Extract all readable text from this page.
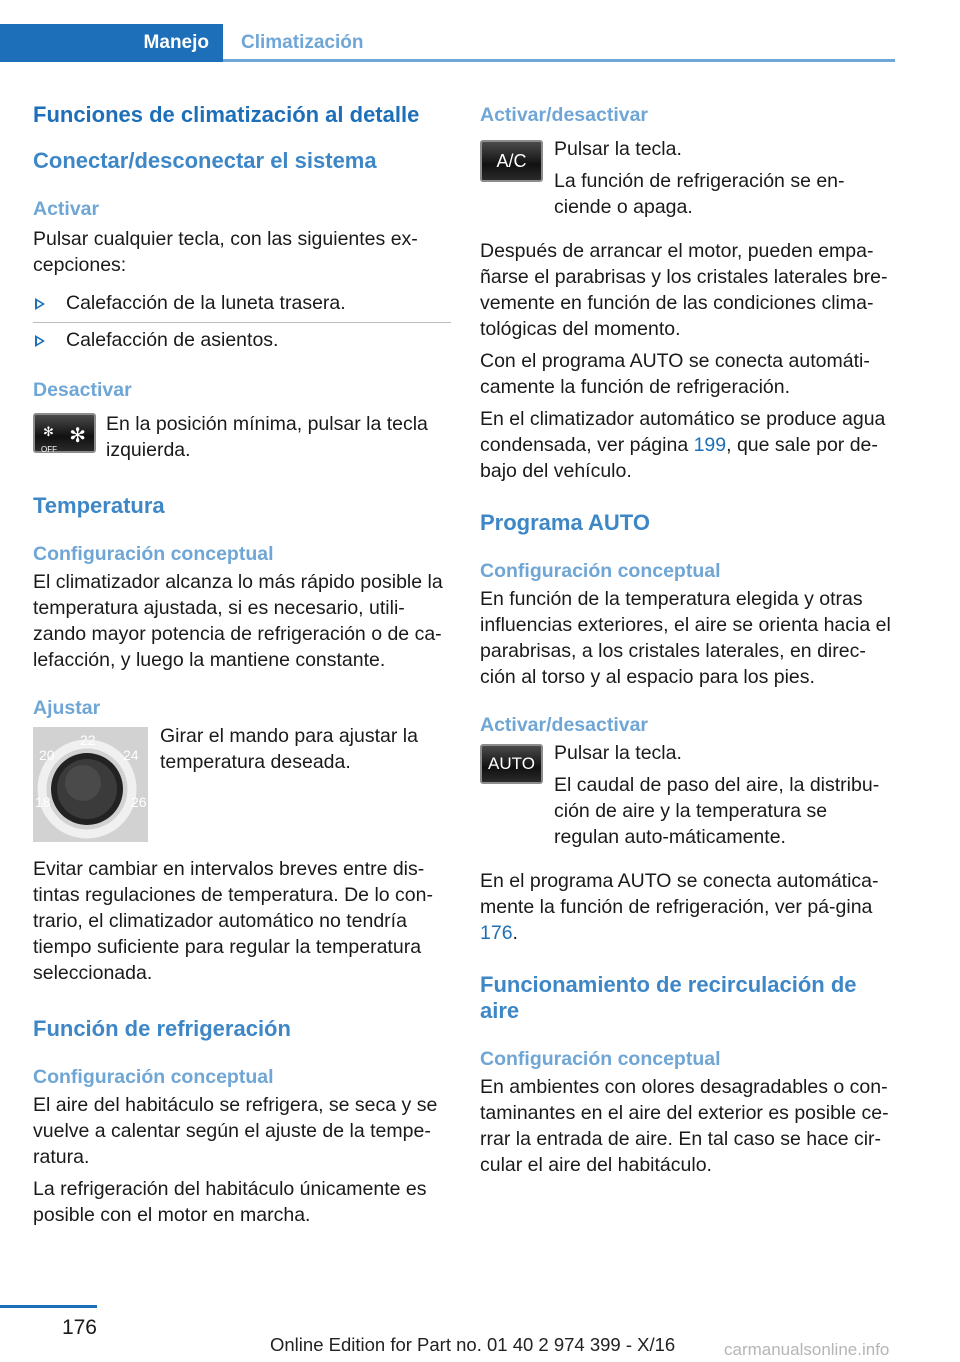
Manejo	Climatización
Funciones de climatización al detalle
Conectar/desconectar el sistema
Activar

Pulsar cualquier tecla, con las siguientes ex‐cepciones:

Calefacción de la luneta trasera.
Calefacción de asientos.
Desactivar
✻
OFF
✻

En la posición mínima, pulsar la tecla izquierda.

Temperatura
Configuración conceptual

El climatizador alcanza lo más rápido posible la temperatura ajustada, si es necesario, utili‐zando mayor potencia de refrigeración o de ca‐lefacción, y luego la mantiene constante.

Ajustar
22
20	24
18	26

Girar el mando para ajustar la temperatura deseada.

Evitar cambiar en intervalos breves entre dis‐tintas regulaciones de temperatura. De lo con‐trario, el climatizador automático no tendría tiempo suficiente para regular la temperatura seleccionada.

Función de refrigeración
Configuración conceptual

El aire del habitáculo se refrigera, se seca y se vuelve a calentar según el ajuste de la tempe‐ratura.

La refrigeración del habitáculo únicamente es posible con el motor en marcha.

Activar/desactivar
A/C

Pulsar la tecla.

La función de refrigeración se en‐ciende o apaga.

Después de arrancar el motor, pueden empa‐ñarse el parabrisas y los cristales laterales bre‐vemente en función de las condiciones clima‐tológicas del momento.

Con el programa AUTO se conecta automáti‐camente la función de refrigeración.

En el climatizador automático se produce agua condensada, ver página 199, que sale por de‐bajo del vehículo.

Programa AUTO
Configuración conceptual

En función de la temperatura elegida y otras influencias exteriores, el aire se orienta hacia el parabrisas, a los cristales laterales, en direc‐ción al torso y al espacio para los pies.

Activar/desactivar
AUTO Pulsar la tecla.

El caudal de paso del aire, la distribu‐ción de aire y la temperatura se regulan auto‐máticamente.

En el programa AUTO se conecta automática‐mente la función de refrigeración, ver pá‐gina 176.

Funcionamiento de recirculación de aire
Configuración conceptual

En ambientes con olores desagradables o con‐taminantes en el aire del exterior es posible ce‐rrar la entrada de aire. En tal caso se hace cir‐cular el aire del habitáculo.

176
Online Edition for Part no. 01 40 2 974 399 - X/16	carmanualsonline.info
